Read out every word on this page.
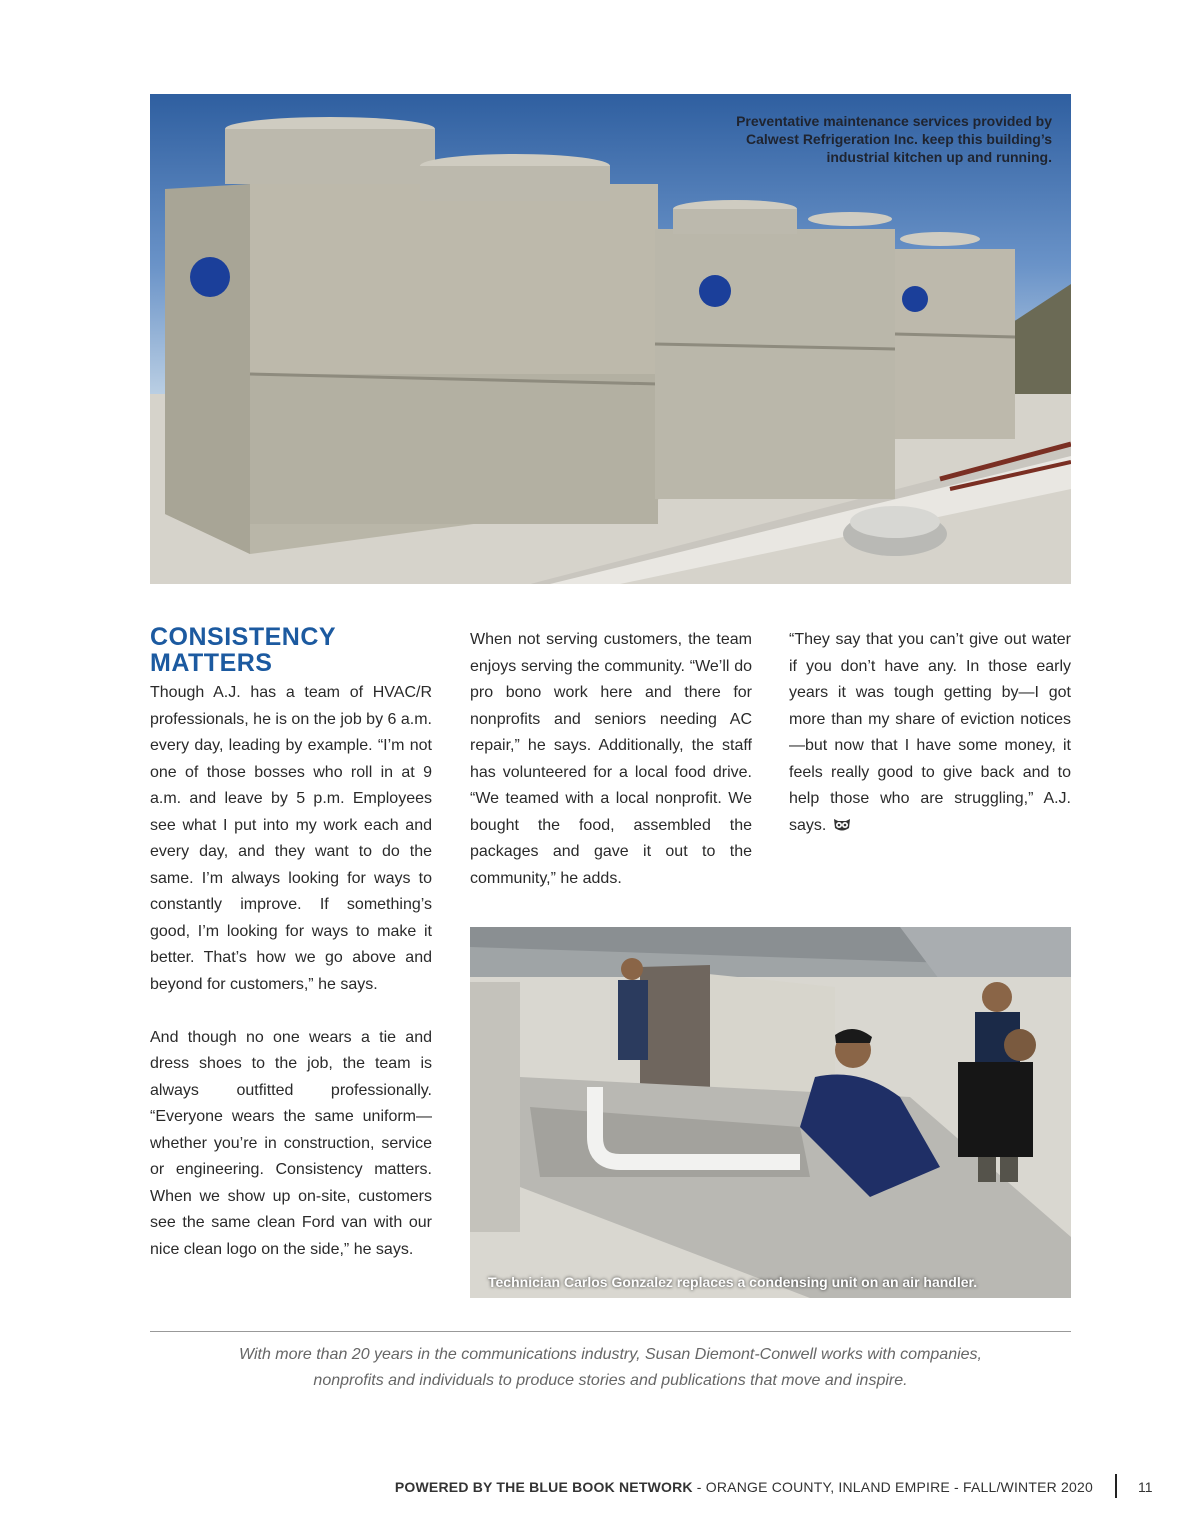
Preventative maintenance services provided by Calwest Refrigeration Inc. keep this building’s industrial kitchen up and running.
CONSISTENCY MATTERS

Though A.J. has a team of HVAC/R professionals, he is on the job by 6 a.m. every day, leading by example. “I’m not one of those bosses who roll in at 9 a.m. and leave by 5 p.m. Employees see what I put into my work each and every day, and they want to do the same. I’m always looking for ways to constantly improve. If something’s good, I’m looking for ways to make it better. That’s how we go above and beyond for customers,” he says.

And though no one wears a tie and dress shoes to the job, the team is always outfitted professionally. “Everyone wears the same uniform—whether you’re in construction, service or engineering. Consistency matters. When we show up on-site, customers see the same clean Ford van with our nice clean logo on the side,” he says.

When not serving customers, the team enjoys serving the community. “We’ll do pro bono work here and there for nonprofits and seniors needing AC repair,” he says. Additionally, the staff has volunteered for a local food drive. “We teamed with a local nonprofit. We bought the food, assembled the packages and gave it out to the community,” he adds.

“They say that you can’t give out water if you don’t have any. In those early years it was tough getting by—I got more than my share of eviction notices—but now that I have some money, it feels really good to give back and to help those who are struggling,” A.J. says.

Technician Carlos Gonzalez replaces a condensing unit on an air handler.
With more than 20 years in the communications industry, Susan Diemont-Conwell works with companies,
nonprofits and individuals to produce stories and publications that move and inspire.
POWERED BY THE BLUE BOOK NETWORK - ORANGE COUNTY, INLAND EMPIRE - FALL/WINTER 2020	11
